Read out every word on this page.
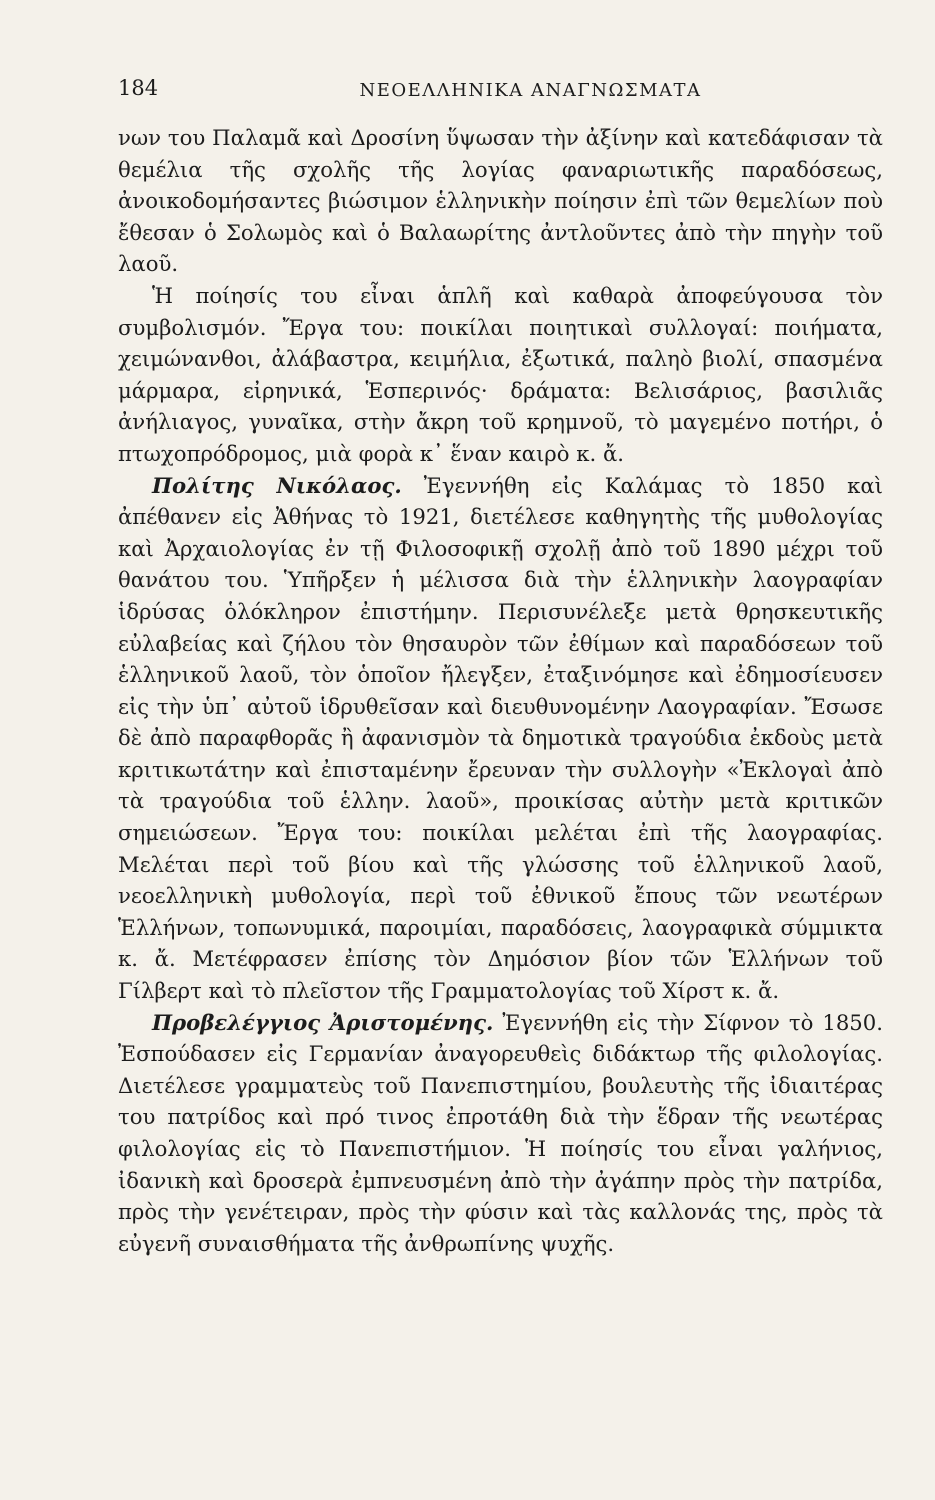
184	ΝΕΟΕΛΛΗΝΙΚΑ ΑΝΑΓΝΩΣΜΑΤΑ

νων του Παλαμᾶ καὶ Δροσίνη ὕψωσαν τὴν ἀξίνην καὶ κατεδάφισαν τὰ θεμέλια τῆς σχολῆς τῆς λογίας φαναριωτικῆς παραδόσεως, ἀνοικοδομήσαντες βιώσιμον ἑλληνικὴν ποίησιν ἐπὶ τῶν θεμελίων ποὺ ἔθεσαν ὁ Σολωμὸς καὶ ὁ Βαλαωρίτης ἀντλοῦντες ἀπὸ τὴν πηγὴν τοῦ λαοῦ.

Ἡ ποίησίς του εἶναι ἁπλῆ καὶ καθαρὰ ἀποφεύγουσα τὸν συμβολισμόν. Ἔργα του: ποικίλαι ποιητικαὶ συλλογαί: ποιήματα, χειμώνανθοι, ἀλάβαστρα, κειμήλια, ἐξωτικά, παληὸ βιολί, σπασμένα μάρμαρα, εἰρηνικά, Ἑσπερινός· δράματα: Βελισάριος, βασιλιᾶς ἀνήλιαγος, γυναῖκα, στὴν ἄκρη τοῦ κρημνοῦ, τὸ μαγεμένο ποτήρι, ὁ πτωχοπρόδρομος, μιὰ φορὰ κ᾿ ἕναν καιρὸ κ. ἄ.

Πολίτης Νικόλαος. Ἐγεννήθη εἰς Καλάμας τὸ 1850 καὶ ἀπέθανεν εἰς Ἀθήνας τὸ 1921, διετέλεσε καθηγητὴς τῆς μυθολογίας καὶ Ἀρχαιολογίας ἐν τῇ Φιλοσοφικῇ σχολῇ ἀπὸ τοῦ 1890 μέχρι τοῦ θανάτου του. Ὑπῆρξεν ἡ μέλισσα διὰ τὴν ἑλληνικὴν λαογραφίαν ἱδρύσας ὁλόκληρον ἐπιστήμην. Περισυνέλεξε μετὰ θρησκευτικῆς εὐλαβείας καὶ ζήλου τὸν θησαυρὸν τῶν ἐθίμων καὶ παραδόσεων τοῦ ἑλληνικοῦ λαοῦ, τὸν ὁποῖον ἤλεγξεν, ἐταξινόμησε καὶ ἐδημοσίευσεν εἰς τὴν ὑπ᾿ αὐτοῦ ἱδρυθεῖσαν καὶ διευθυνομένην Λαογραφίαν. Ἔσωσε δὲ ἀπὸ παραφθορᾶς ἢ ἀφανισμὸν τὰ δημοτικὰ τραγούδια ἐκδοὺς μετὰ κριτικωτάτην καὶ ἐπισταμένην ἔρευναν τὴν συλλογὴν «Ἐκλογαὶ ἀπὸ τὰ τραγούδια τοῦ ἑλλην. λαοῦ», προικίσας αὐτὴν μετὰ κριτικῶν σημειώσεων. Ἔργα του: ποικίλαι μελέται ἐπὶ τῆς λαογραφίας. Μελέται περὶ τοῦ βίου καὶ τῆς γλώσσης τοῦ ἑλληνικοῦ λαοῦ, νεοελληνικὴ μυθολογία, περὶ τοῦ ἐθνικοῦ ἔπους τῶν νεωτέρων Ἑλλήνων, τοπωνυμικά, παροιμίαι, παραδόσεις, λαογραφικὰ σύμμικτα κ. ἄ. Μετέφρασεν ἐπίσης τὸν Δημόσιον βίον τῶν Ἑλλήνων τοῦ Γίλβερτ καὶ τὸ πλεῖστον τῆς Γραμματολογίας τοῦ Χίρστ κ. ἄ.

Προβελέγγιος Ἀριστομένης. Ἐγεννήθη εἰς τὴν Σίφνον τὸ 1850. Ἐσπούδασεν εἰς Γερμανίαν ἀναγορευθεὶς διδάκτωρ τῆς φιλολογίας. Διετέλεσε γραμματεὺς τοῦ Πανεπιστημίου, βουλευτὴς τῆς ἰδιαιτέρας του πατρίδος καὶ πρό τινος ἐπροτάθη διὰ τὴν ἕδραν τῆς νεωτέρας φιλολογίας εἰς τὸ Πανεπιστήμιον. Ἡ ποίησίς του εἶναι γαλήνιος, ἰδανικὴ καὶ δροσερὰ ἐμπνευσμένη ἀπὸ τὴν ἀγάπην πρὸς τὴν πατρίδα, πρὸς τὴν γενέτειραν, πρὸς τὴν φύσιν καὶ τὰς καλλονάς της, πρὸς τὰ εὐγενῆ συναισθήματα τῆς ἀνθρωπίνης ψυχῆς.
